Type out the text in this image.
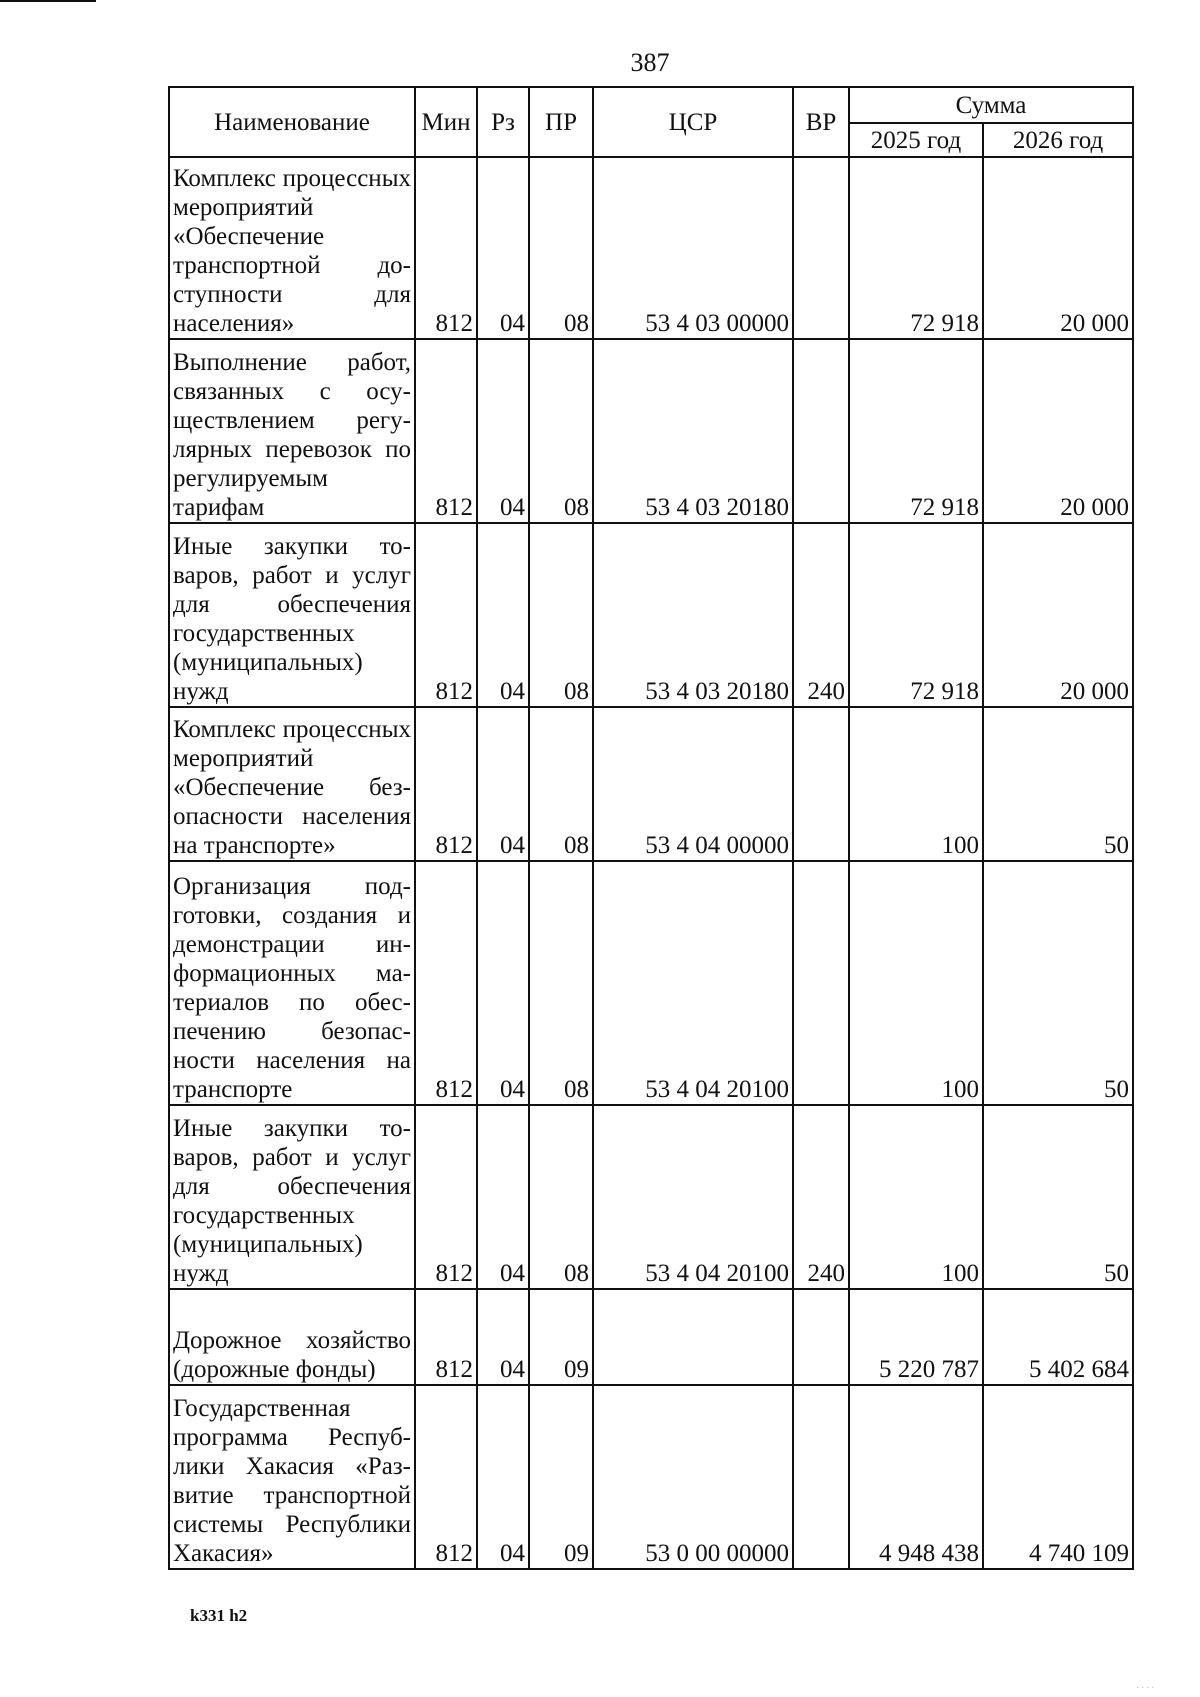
387
Наименование	Мин	Рз	ПР	ЦСР	ВР	Сумма	
						2025 год	2026 год
Комплекс процессных мероприятий «Обеспечение транспортной доступности для населения»	812	04	08	53 4 03 00000		72 918	20 000
Выполнение работ, связанных с осуществлением регулярных перевозок по регулируемым тарифам	812	04	08	53 4 03 20180		72 918	20 000
Иные закупки товаров, работ и услуг для обеспечения государственных (муниципальных) нужд	812	04	08	53 4 03 20180	240	72 918	20 000
Комплекс процессных мероприятий «Обеспечение безопасности населения на транспорте»	812	04	08	53 4 04 00000		100	50
Организация подготовки, создания и демонстрации информационных материалов по обеспечению безопасности населения на транспорте	812	04	08	53 4 04 20100		100	50
Иные закупки товаров, работ и услуг для обеспечения государственных (муниципальных) нужд	812	04	08	53 4 04 20100	240	100	50
Дорожное хозяйство (дорожные фонды)	812	04	09			5 220 787	5 402 684
Государственная программа Республики Хакасия «Развитие транспортной системы Республики Хакасия»	812	04	09	53 0 00 00000		4 948 438	4 740 109
k331 h2
. . . .
